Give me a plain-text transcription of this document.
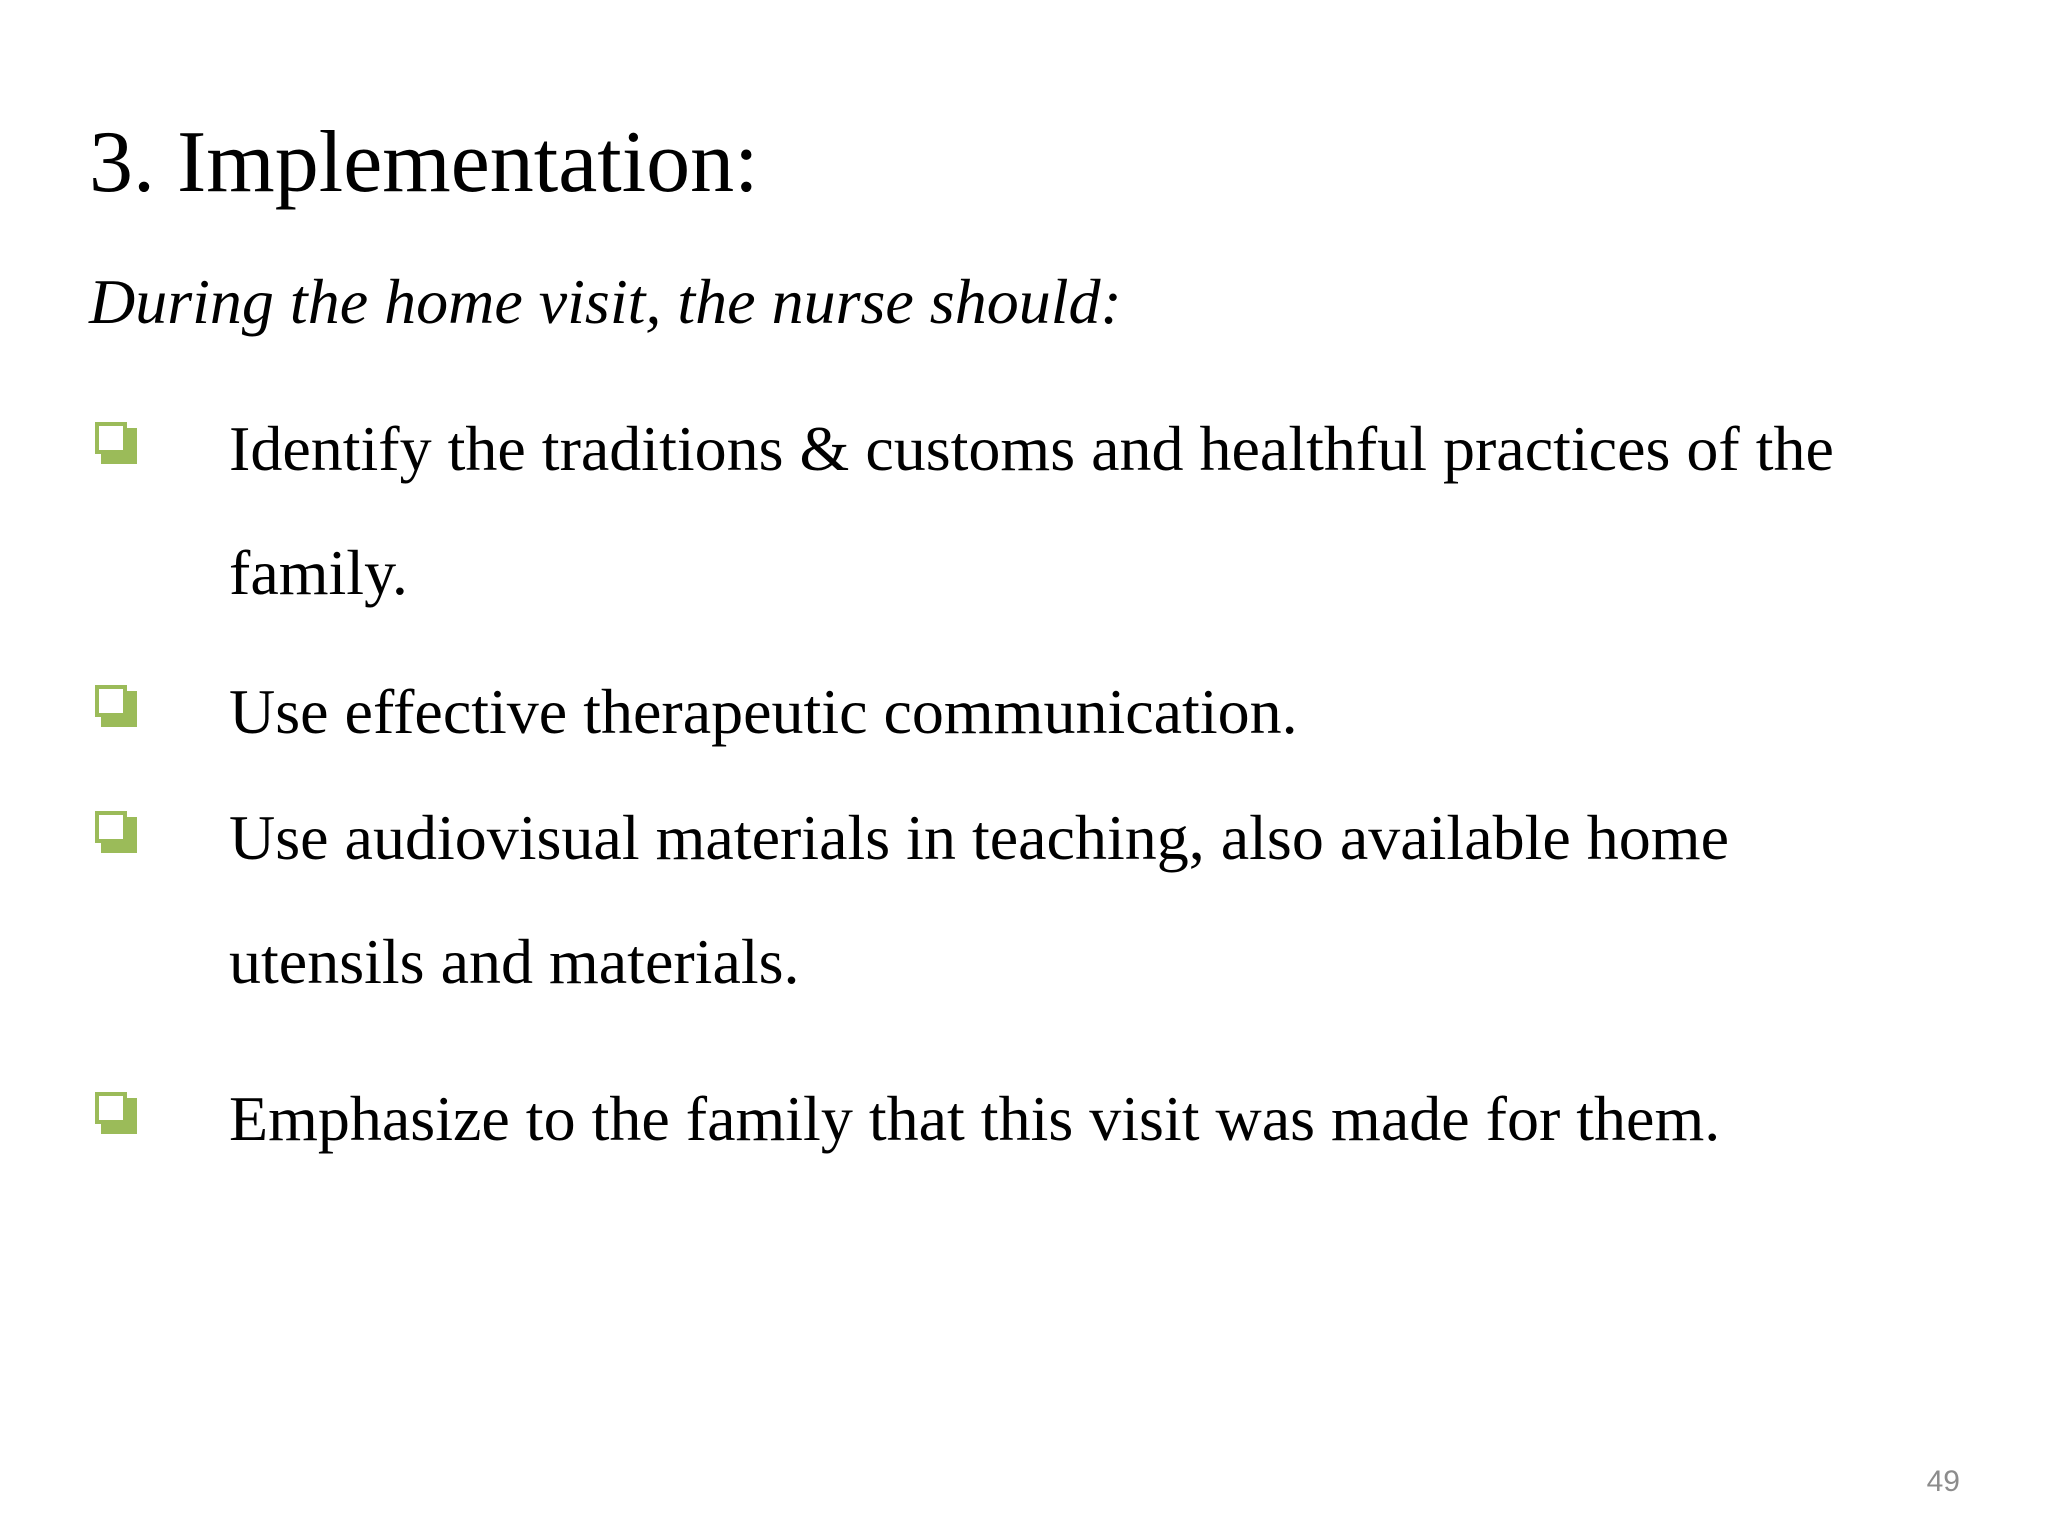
3. Implementation:
During the home visit, the nurse should:
Identify the traditions & customs and healthful practices of the
family.
Use effective therapeutic communication.
Use audiovisual materials in teaching, also available home
utensils and materials.
Emphasize to the family that this visit was made for them.
49
